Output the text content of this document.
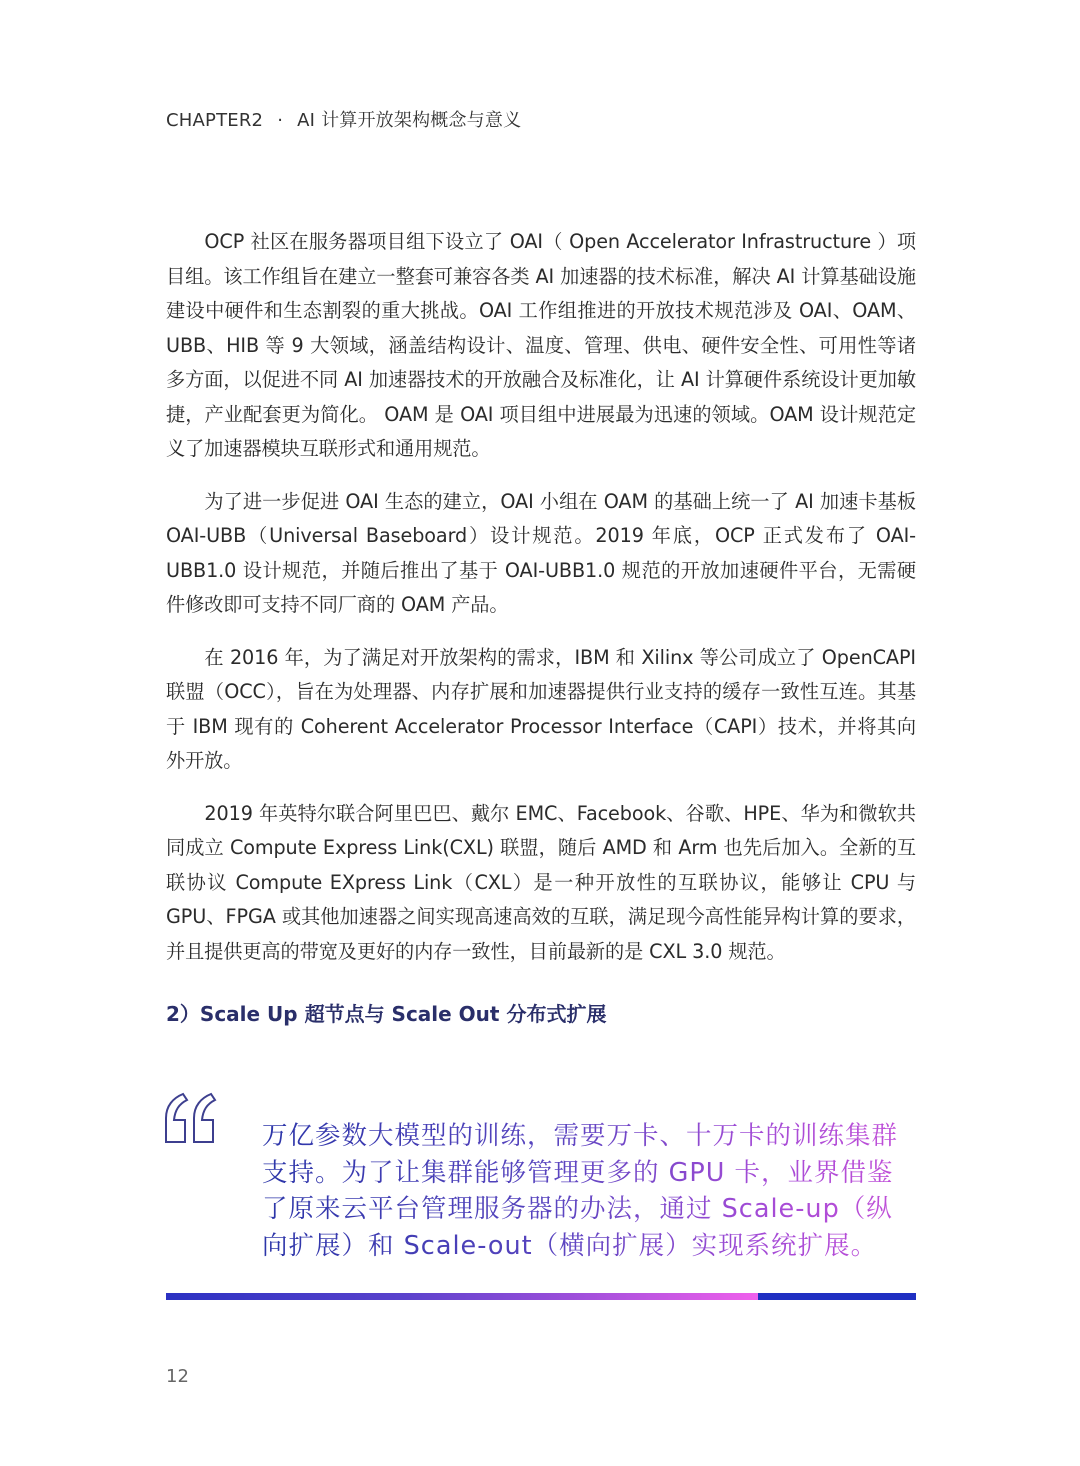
CHAPTER2 · AI 计算开放架构概念与意义

OCP 社区在服务器项目组下设立了 OAI（ Open Accelerator Infrastructure ）项目组。该工作组旨在建立一整套可兼容各类 AI 加速器的技术标准，解决 AI 计算基础设施建设中硬件和生态割裂的重大挑战。OAI 工作组推进的开放技术规范涉及 OAI、OAM、UBB、HIB 等 9 大领域，涵盖结构设计、温度、管理、供电、硬件安全性、可用性等诸多方面，以促进不同 AI 加速器技术的开放融合及标准化，让 AI 计算硬件系统设计更加敏捷，产业配套更为简化。 OAM 是 OAI 项目组中进展最为迅速的领域。OAM 设计规范定义了加速器模块互联形式和通用规范。

为了进一步促进 OAI 生态的建立，OAI 小组在 OAM 的基础上统一了 AI 加速卡基板 OAI-UBB（Universal Baseboard）设计规范。2019 年底，OCP 正式发布了 OAI-UBB1.0 设计规范，并随后推出了基于 OAI-UBB1.0 规范的开放加速硬件平台，无需硬件修改即可支持不同厂商的 OAM 产品。

在 2016 年，为了满足对开放架构的需求，IBM 和 Xilinx 等公司成立了 OpenCAPI 联盟（OCC），旨在为处理器、内存扩展和加速器提供行业支持的缓存一致性互连。其基于 IBM 现有的 Coherent Accelerator Processor Interface（CAPI）技术，并将其向外开放。

2019 年英特尔联合阿里巴巴、戴尔 EMC、Facebook、谷歌、HPE、华为和微软共同成立 Compute Express Link(CXL) 联盟，随后 AMD 和 Arm 也先后加入。全新的互联协议 Compute EXpress Link（CXL）是一种开放性的互联协议，能够让 CPU 与 GPU、FPGA 或其他加速器之间实现高速高效的互联，满足现今高性能异构计算的要求，并且提供更高的带宽及更好的内存一致性，目前最新的是 CXL 3.0 规范。

2）Scale Up 超节点与 Scale Out 分布式扩展
万亿参数大模型的训练，需要万卡、十万卡的训练集群支持。为了让集群能够管理更多的 GPU 卡，业界借鉴了原来云平台管理服务器的办法，通过 Scale-up（纵向扩展）和 Scale-out（横向扩展）实现系统扩展。
12
